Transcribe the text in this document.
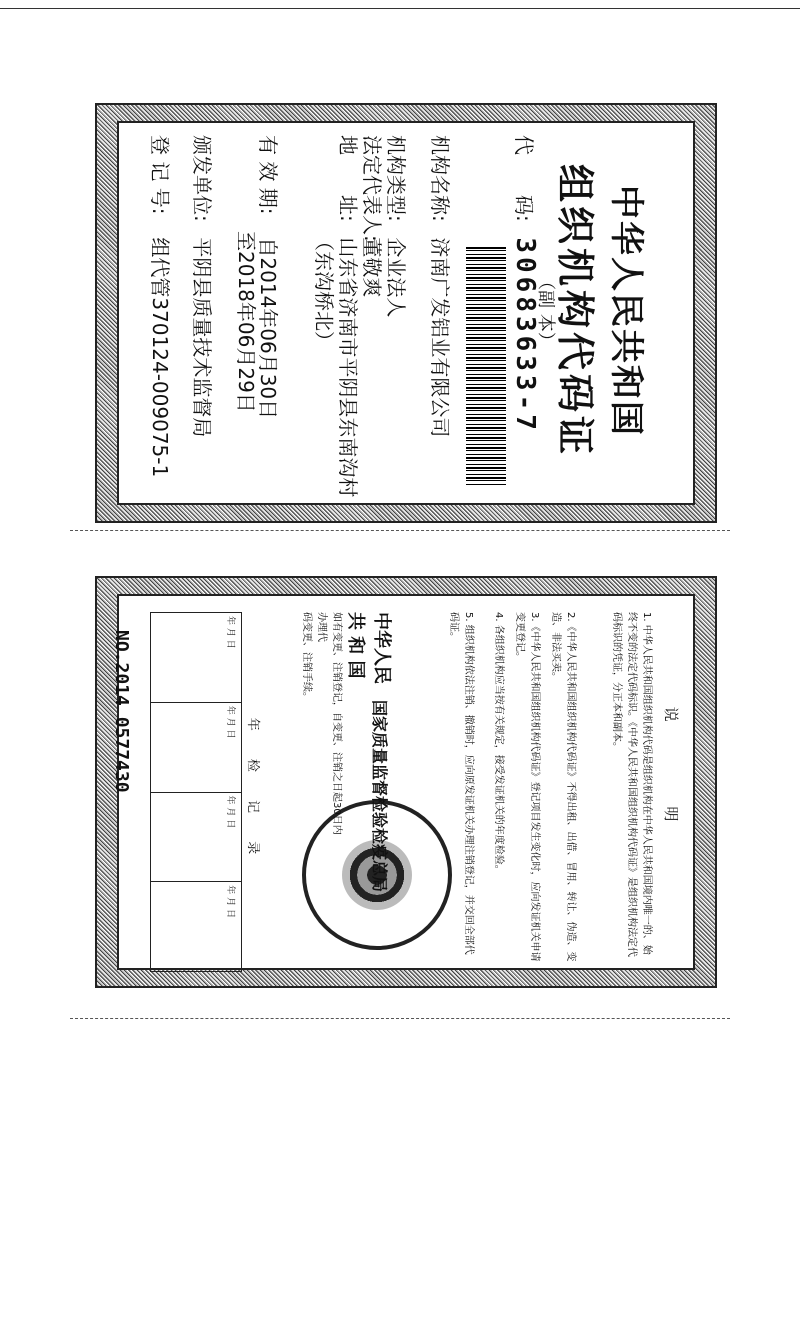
中华人民共和国
组织机构代码证
（副 本）
代　　码: 30683633-7
机构名称: 济南广发铝业有限公司
机构类型: 企业法人
法定代表人: 董敬爽
地　　址: 山东省济南市平阴县东南沟村
（东沟桥北）
有 效 期: 自2014年06月30日
至2018年06月29日
颁发单位: 平阴县质量技术监督局
登 记 号: 组代管370124-009075-1
说 明
1. 中华人民共和国组织机构代码是组织机构在中华人民共和国境内唯一的、始终不变的法定代码标识。《中华人民共和国组织机构代码证》是组织机构法定代码标识的凭证，分正本和副本。
2.《中华人民共和国组织机构代码证》不得出租、出借、冒用、转让、伪造、变造、非法买卖。
3.《中华人民共和国组织机构代码证》登记项目发生变化时，应向发证机关申请变更登记。
4. 各组织机构应当按有关规定，接受发证机关的年度检验。
5. 组织机构依法注销、撤销时，应向原发证机关办理注销登记，并交回全部代码证。
中华人民
国家质量监督检验检疫总局
共 和 国
如有变更、注销登记，自变更、注销之日起30日内办理代
码变更、注销手续。
年 检 记 录
年 月 日	年 月 日	年 月 日	年 月 日
NO.2014 0577430
